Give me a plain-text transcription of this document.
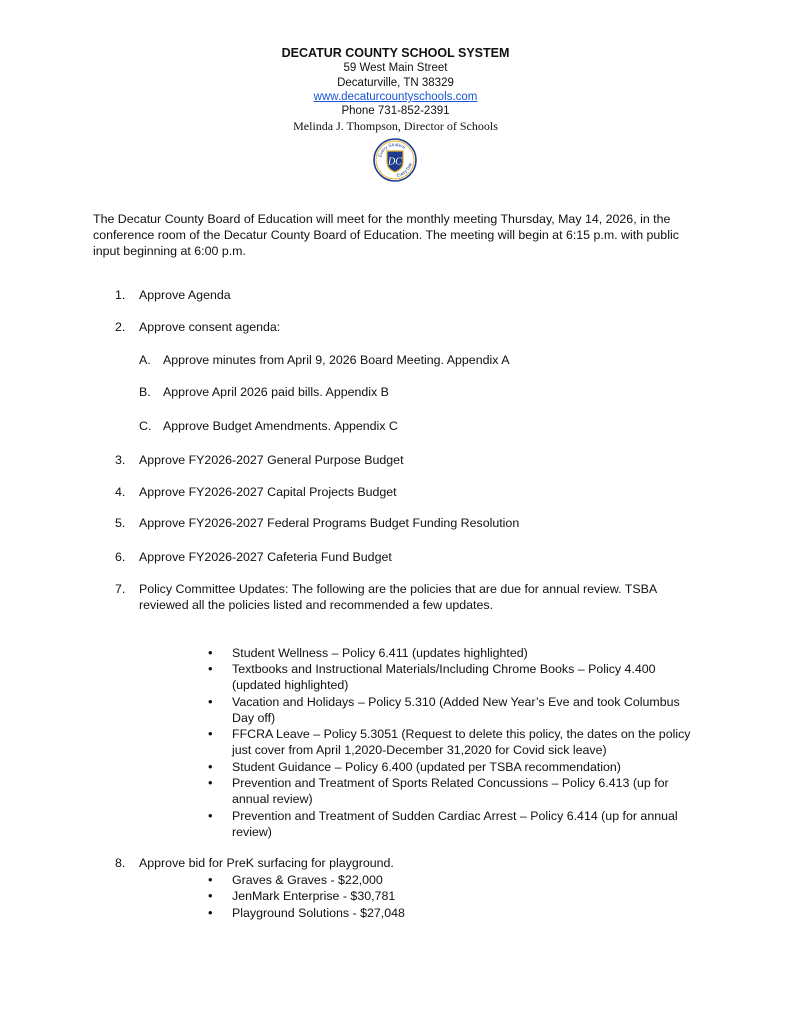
DECATUR COUNTY SCHOOL SYSTEM
59 West Main Street
Decaturville, TN 38329
www.decaturcountyschools.com
Phone 731-852-2391
Melinda J. Thompson, Director of Schools
DC
Every Student
Every Day
The Decatur County Board of Education will meet for the monthly meeting Thursday, May 14, 2026, in the conference room of the Decatur County Board of Education. The meeting will begin at 6:15 p.m. with public input beginning at 6:00 p.m.
1. Approve Agenda
2. Approve consent agenda:
A. Approve minutes from April 9, 2026 Board Meeting. Appendix A
B. Approve April 2026 paid bills. Appendix B
C. Approve Budget Amendments. Appendix C
3. Approve FY2026-2027 General Purpose Budget
4. Approve FY2026-2027 Capital Projects Budget
5. Approve FY2026-2027 Federal Programs Budget Funding Resolution
6. Approve FY2026-2027 Cafeteria Fund Budget
7. Policy Committee Updates: The following are the policies that are due for annual review. TSBA reviewed all the policies listed and recommended a few updates.
• Student Wellness – Policy 6.411 (updates highlighted)
• Textbooks and Instructional Materials/Including Chrome Books – Policy 4.400 (updated highlighted)
• Vacation and Holidays – Policy 5.310 (Added New Year’s Eve and took Columbus Day off)
• FFCRA Leave – Policy 5.3051 (Request to delete this policy, the dates on the policy just cover from April 1,2020-December 31,2020 for Covid sick leave)
• Student Guidance – Policy 6.400 (updated per TSBA recommendation)
• Prevention and Treatment of Sports Related Concussions – Policy 6.413 (up for annual review)
• Prevention and Treatment of Sudden Cardiac Arrest – Policy 6.414 (up for annual review)
8. Approve bid for PreK surfacing for playground.
• Graves & Graves - $22,000
• JenMark Enterprise - $30,781
• Playground Solutions - $27,048
